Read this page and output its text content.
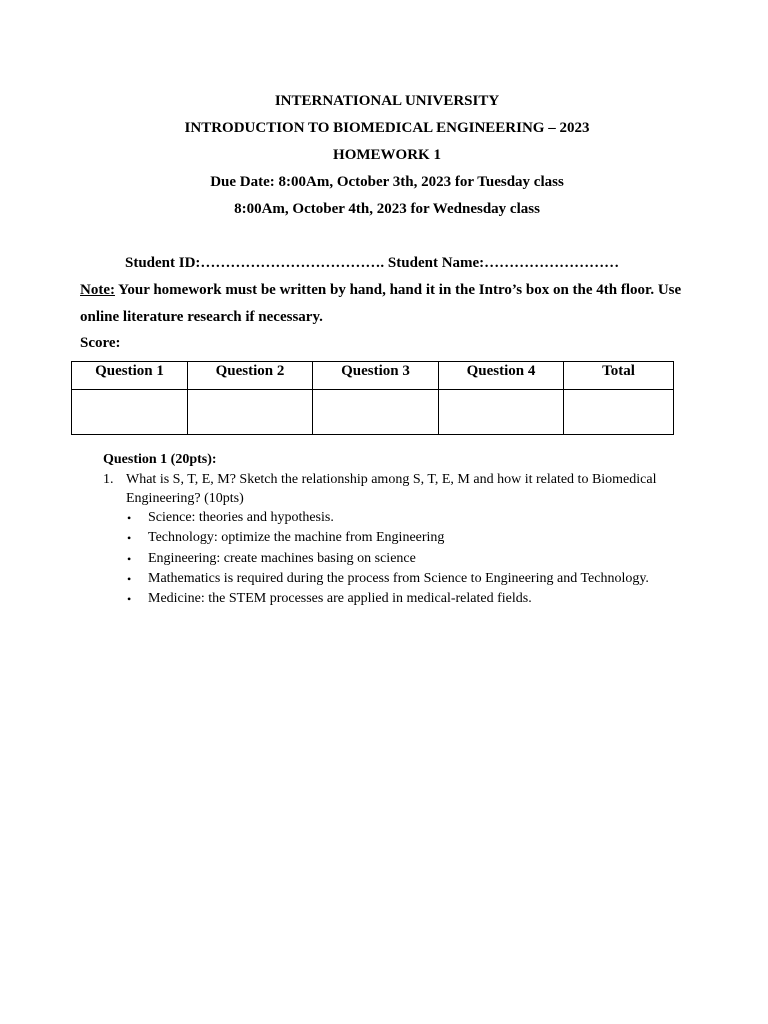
INTERNATIONAL UNIVERSITY
INTRODUCTION TO BIOMEDICAL ENGINEERING – 2023
HOMEWORK 1
Due Date: 8:00Am, October 3th, 2023 for Tuesday class
8:00Am, October 4th, 2023 for Wednesday class
Student ID:………………………………. Student Name:………………………
Note: Your homework must be written by hand, hand it in the Intro’s box on the 4th floor. Use
online literature research if necessary.
Score:
Question 1	Question 2	Question 3	Question 4	Total

Question 1 (20pts):
1. What is S, T, E, M? Sketch the relationship among S, T, E, M and how it related to Biomedical Engineering? (10pts)
• Science: theories and hypothesis.
• Technology: optimize the machine from Engineering
• Engineering: create machines basing on science
• Mathematics is required during the process from Science to Engineering and Technology.
• Medicine: the STEM processes are applied in medical-related fields.
